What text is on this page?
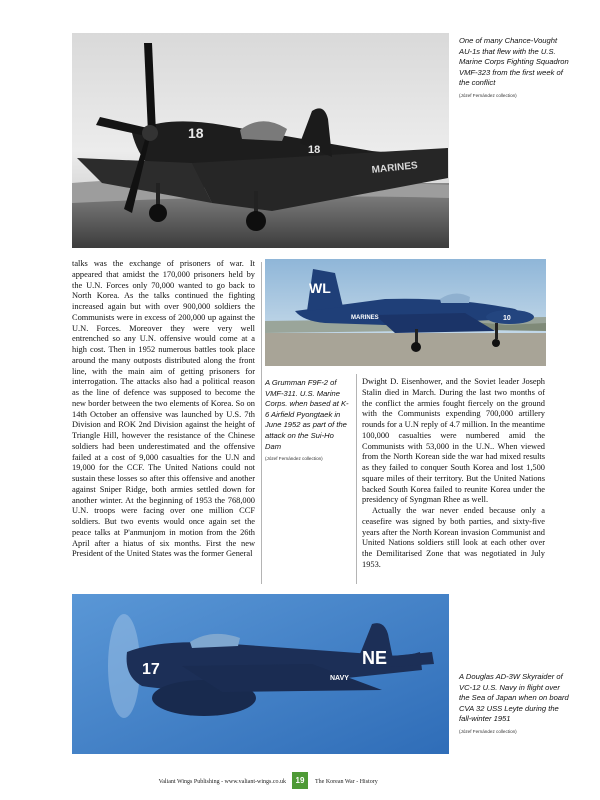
18
18
MARINES
One of many Chance-Vought AU-1s that flew with the U.S. Marine Corps Fighting Squadron VMF-323 from the first week of the conflict
(Józef Fernández collection)
WL
MARINES	10
A Grumman F9F-2 of VMF-311. U.S. Marine Corps. when based at K-6 Airfield Pyongtaek in June 1952 as part of the attack on the Sui-Ho Dam
(Józef Fernández collection)

talks was the exchange of prisoners of war. It appeared that amidst the 170,000 prisoners held by the U.N. Forces only 70,000 wanted to go back to North Korea. As the talks continued the fighting increased again but with over 900,000 soldiers the Communists were in excess of 200,000 up against the U.N. Forces. Moreover they were very well entrenched so any U.N. offensive would come at a high cost. Then in 1952 numerous battles took place around the many outposts distributed along the front line, with the main aim of getting prisoners for interrogation. The attacks also had a political reason as the line of defence was supposed to become the new border between the two elements of Korea. So on 14th October an offensive was launched by U.S. 7th Division and ROK 2nd Division against the height of Triangle Hill, however the resistance of the Chinese soldiers had been underestimated and the offensive failed at a cost of 9,000 casualties for the U.N and 19,000 for the CCF. The United Nations could not sustain these losses so after this offensive and another against Sniper Ridge, both armies settled down for another winter. At the beginning of 1953 the 768,000 U.N. troops were facing over one million CCF soldiers. But two events would once again set the peace talks at P'anmunjom in motion from the 26th April after a hiatus of six months. First the new President of the United States was the former General

Dwight D. Eisenhower, and the Soviet leader Joseph Stalin died in March. During the last two months of the conflict the armies fought fiercely on the ground with the Communists expending 700,000 artillery rounds for a U.N reply of 4.7 million. In the meantime 100,000 casualties were numbered amid the Communists with 53,000 in the U.N.. When viewed from the North Korean side the war had mixed results as they failed to conquer South Korea and lost 1,500 square miles of their territory. But the United Nations backed South Korea failed to reunite Korea under the presidency of Syngman Rhee as well.

Actually the war never ended because only a ceasefire was signed by both parties, and sixty-five years after the North Korean invasion Communist and United Nations soldiers still look at each other over the Demilitarised Zone that was negotiated in July 1953.

17
NE
NAVY	A Douglas AD-3W Skyraider of VC-12 U.S. Navy in flight over the Sea of Japan when on board CVA 32 USS Leyte during the fall-winter 1951
(Józef Fernández collection)
Valiant Wings Publishing - www.valiant-wings.co.uk	19	The Korean War - History
